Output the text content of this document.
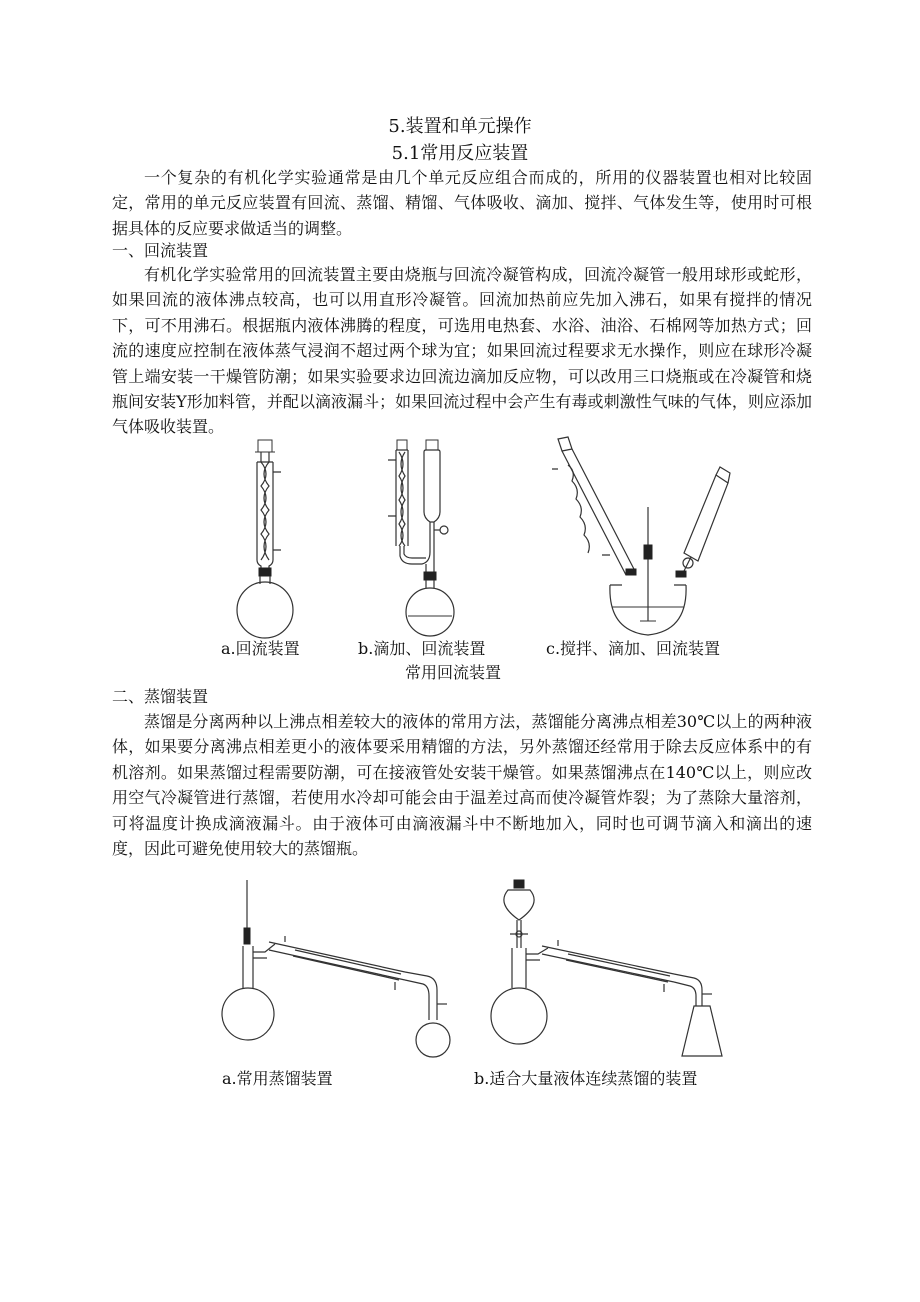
5.装置和单元操作
5.1常用反应装置
一个复杂的有机化学实验通常是由几个单元反应组合而成的，所用的仪器装置也相对比较固定，常用的单元反应装置有回流、蒸馏、精馏、气体吸收、滴加、搅拌、气体发生等，使用时可根据具体的反应要求做适当的调整。
一、回流装置
有机化学实验常用的回流装置主要由烧瓶与回流冷凝管构成，回流冷凝管一般用球形或蛇形，如果回流的液体沸点较高，也可以用直形冷凝管。回流加热前应先加入沸石，如果有搅拌的情况下，可不用沸石。根据瓶内液体沸腾的程度，可选用电热套、水浴、油浴、石棉网等加热方式；回流的速度应控制在液体蒸气浸润不超过两个球为宜；如果回流过程要求无水操作，则应在球形冷凝管上端安装一干燥管防潮；如果实验要求边回流边滴加反应物，可以改用三口烧瓶或在冷凝管和烧瓶间安装Y形加料管，并配以滴液漏斗；如果回流过程中会产生有毒或刺激性气味的气体，则应添加气体吸收装置。
a.回流装置	b.滴加、回流装置	c.搅拌、滴加、回流装置
常用回流装置
二、蒸馏装置
蒸馏是分离两种以上沸点相差较大的液体的常用方法，蒸馏能分离沸点相差30℃以上的两种液体，如果要分离沸点相差更小的液体要采用精馏的方法，另外蒸馏还经常用于除去反应体系中的有机溶剂。如果蒸馏过程需要防潮，可在接液管处安装干燥管。如果蒸馏沸点在140℃以上，则应改用空气冷凝管进行蒸馏，若使用水冷却可能会由于温差过高而使冷凝管炸裂；为了蒸除大量溶剂，可将温度计换成滴液漏斗。由于液体可由滴液漏斗中不断地加入，同时也可调节滴入和滴出的速度，因此可避免使用较大的蒸馏瓶。
a.常用蒸馏装置	b.适合大量液体连续蒸馏的装置
